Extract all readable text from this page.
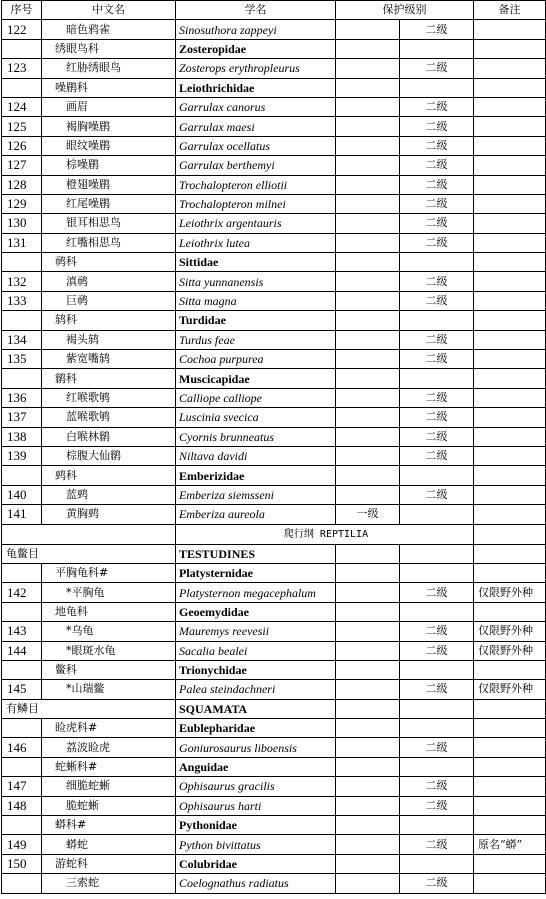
序号	中文名	学名	保护级别		备注
122	暗色鸦雀	Sinosuthora zappeyi		二级	
	绣眼鸟科	Zosteropidae			
123	红胁绣眼鸟	Zosterops erythropleurus		二级	
	噪鹛科	Leiothrichidae			
124	画眉	Garrulax canorus		二级	
125	褐胸噪鹛	Garrulax maesi		二级	
126	眼纹噪鹛	Garrulax ocellatus		二级	
127	棕噪鹛	Garrulax berthemyi		二级	
128	橙翅噪鹛	Trochalopteron elliotii		二级	
129	红尾噪鹛	Trochalopteron milnei		二级	
130	银耳相思鸟	Leiothrix argentauris		二级	
131	红嘴相思鸟	Leiothrix lutea		二级	
	䴓科	Sittidae			
132	滇䴓	Sitta yunnanensis		二级	
133	巨䴓	Sitta magna		二级	
	鸫科	Turdidae			
134	褐头鸫	Turdus feae		二级	
135	紫宽嘴鸫	Cochoa purpurea		二级	
	鹟科	Muscicapidae			
136	红喉歌鸲	Calliope calliope		二级	
137	蓝喉歌鸲	Luscinia svecica		二级	
138	白喉林鹟	Cyornis brunneatus		二级	
139	棕腹大仙鹟	Niltava davidi		二级	
	鹀科	Emberizidae			
140	蓝鹀	Emberiza siemsseni		二级	
141	黄胸鹀	Emberiza aureola	一级		
		爬行纲 REPTILIA			
龟鳖目		TESTUDINES			
	平胸龟科#	Platysternidae			
142	*平胸龟	Platysternon megacephalum		二级	仅限野外种
	地龟科	Geoemydidae			
143	*乌龟	Mauremys reevesii		二级	仅限野外种
144	*眼斑水龟	Sacalia bealei		二级	仅限野外种
	鳖科	Trionychidae			
145	*山瑞鳖	Palea steindachneri		二级	仅限野外种
有鳞目		SQUAMATA			
	睑虎科#	Eublepharidae			
146	荔波睑虎	Goniurosaurus liboensis		二级	
	蛇蜥科#	Anguidae			
147	细脆蛇蜥	Ophisaurus gracilis		二级	
148	脆蛇蜥	Ophisaurus harti		二级	
	蟒科#	Pythonidae			
149	蟒蛇	Python bivittatus		二级	原名“蟒”
150	游蛇科	Colubridae			
	三索蛇	Coelognathus radiatus		二级	
